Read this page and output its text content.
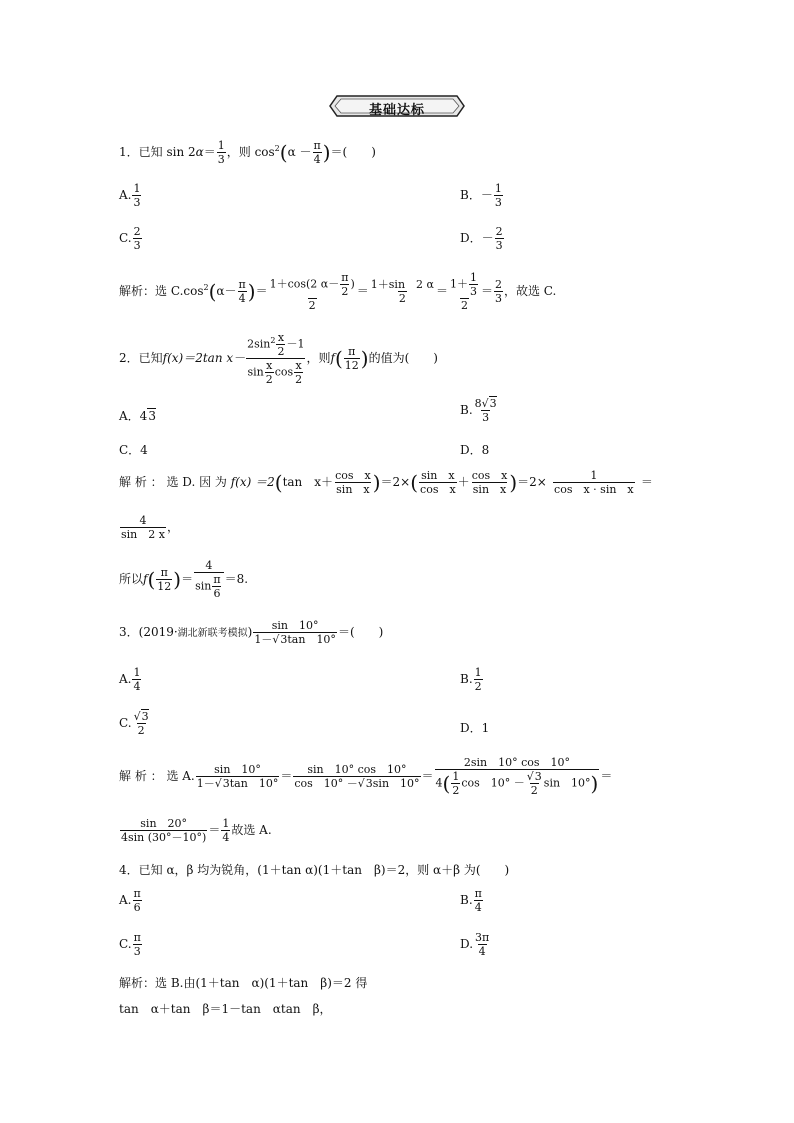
基础达标
1．已知 $\sin 2\alpha= \frac{1}{3}$ ，则 $\cos^2(\alpha - \frac{\pi}{4}$ )＝(　　)
A. $\frac{1}{3}$	B．－ $\frac{1}{3}$
C. $\frac{2}{3}$	D．－ $\frac{2}{3}$
解析：选 $C.\cos^2(\alpha- \frac{\pi}{4}$ )＝ $\frac{1+\cos(2 \alpha- \frac{\pi}{2} )}{2} = \frac{1+\sin 2 \alpha}{2} = \frac{1+ \frac{1}{3}}{2} = \frac{2}{3}$ ，故选 C.
2．已知f(x)＝2tan $x- \frac{2\sin^2 \frac{x}{2} -1}{\sin \frac{x}{2} \cos \frac{x}{2}}$ ，则$f( \frac{\pi}{12}$ )的值为(　　)
A．43	B. $\frac{8√3}{3}$
C．4	D．8
解 析 ： 选 D. 因 为 f(x) ＝2(tan　$x+ \frac{\text{cos　x}}{\text{sin　x}} )=2\times( \frac{\text{sin　x}}{\text{cos　x}} + \frac{\text{cos　x}}{\text{sin　x}} )=2\times \frac{1}{\text{cos　x · sin　x}}$ ＝
$\frac{4}{\sin 2 x}$ ，
所以$f( \frac{\pi}{12}$ )＝ $\frac{4}{\sin \frac{\pi}{6}} =8$.
3．(2019·湖北新联考模拟) $\frac{\sin 10^\circ}{1-√3\tan 10^\circ}$ ＝(　　)
A. $\frac{1}{4}$	B. $\frac{1}{2}$
C. $\frac{√3}{2}$	D．1
解 析 ： 选 A. $\frac{\sin 10^\circ}{1-√3\tan 10^\circ} = \frac{\sin 10^\circ \cos 10^\circ}{\cos 10^\circ -√3\sin 10^\circ} = \frac{2\sin 10^\circ \cos 10^\circ}{4( \frac{1}{2} \cos 10^\circ - \frac{√3}{2} \sin 10^\circ)}$ ＝
$\frac{\sin 20^\circ}{4\sin (30^\circ-10^\circ)} = \frac{1}{4}$ 故选 A.
4．已知 α，β 均为锐角，(1＋tan α)(1＋tan　β)＝2，则 α＋β 为(　　)
A. $\frac{\pi}{6}$	B. $\frac{\pi}{4}$
C. $\frac{\pi}{3}$	D. $\frac{3\pi}{4}$
解析：选 B.由(1＋tan　α)(1＋tan　β)＝2 得
tan　α＋tan　β＝1－tan　αtan　β，
